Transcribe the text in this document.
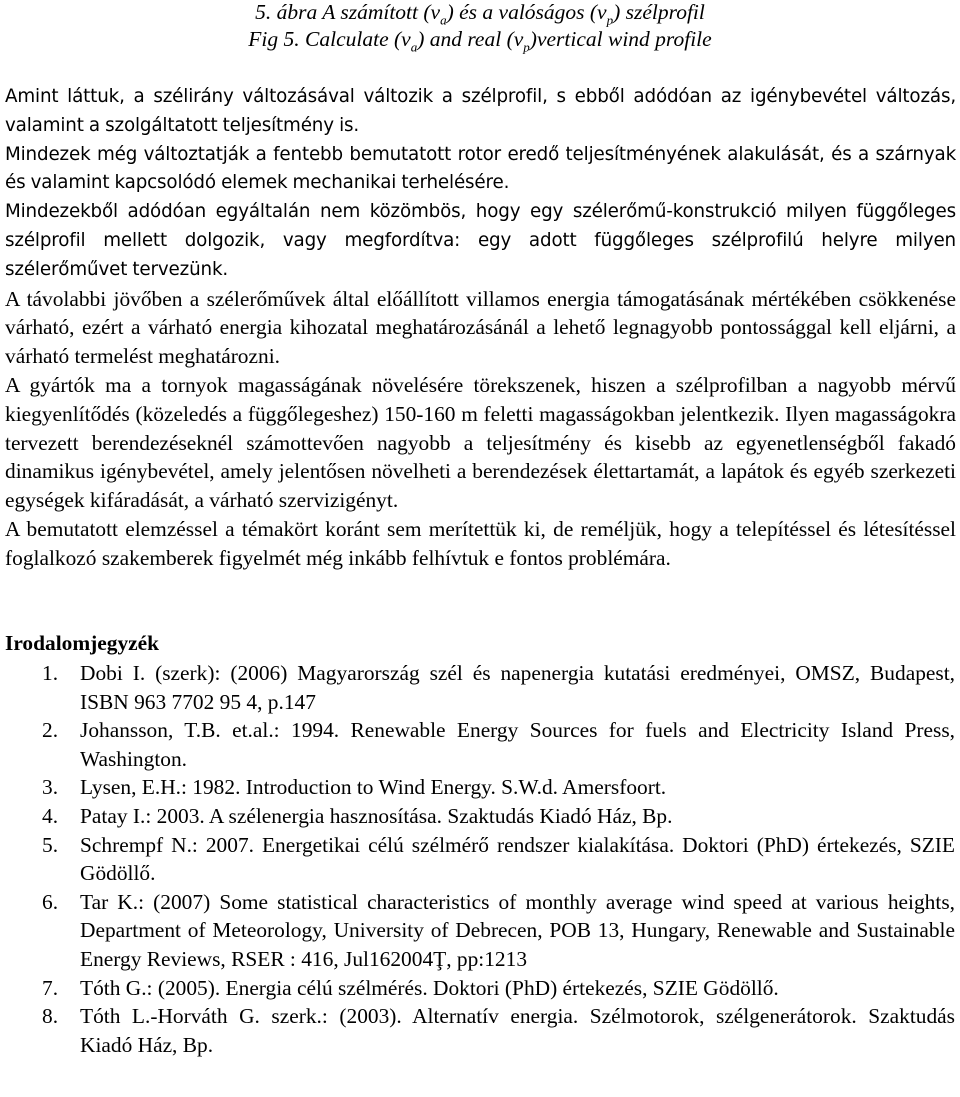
5. ábra A számított $(v_a)$ és a valóságos $(v_p)$ szélprofil

Fig 5. Calculate $(v_a)$ and real $(v_p)vertical$ wind profile

Amint láttuk, a szélirány változásával változik a szélprofil, s ebből adódóan az igénybevétel változás, valamint a szolgáltatott teljesítmény is.

Mindezek még változtatják a fentebb bemutatott rotor eredő teljesítményének alakulását, és a szárnyak és valamint kapcsolódó elemek mechanikai terhelésére.

Mindezekből adódóan egyáltalán nem közömbös, hogy egy szélerőmű-konstrukció milyen függőleges szélprofil mellett dolgozik, vagy megfordítva: egy adott függőleges szélprofilú helyre milyen szélerőművet tervezünk.

A távolabbi jövőben a szélerőművek által előállított villamos energia támogatásának mértékében csökkenése várható, ezért a várható energia kihozatal meghatározásánál a lehető legnagyobb pontossággal kell eljárni, a várható termelést meghatározni.

A gyártók ma a tornyok magasságának növelésére törekszenek, hiszen a szélprofilban a nagyobb mérvű kiegyenlítődés (közeledés a függőlegeshez) 150-160 m feletti magasságokban jelentkezik. Ilyen magasságokra tervezett berendezéseknél számottevően nagyobb a teljesítmény és kisebb az egyenetlenségből fakadó dinamikus igénybevétel, amely jelentősen növelheti a berendezések élettartamát, a lapátok és egyéb szerkezeti egységek kifáradását, a várható szervizigényt.

A bemutatott elemzéssel a témakört koránt sem merítettük ki, de reméljük, hogy a telepítéssel és létesítéssel foglalkozó szakemberek figyelmét még inkább felhívtuk e fontos problémára.

Irodalomjegyzék
1. Dobi I. (szerk): (2006) Magyarország szél és napenergia kutatási eredményei, OMSZ, Budapest, ISBN 963 7702 95 4, p.147
2. Johansson, T.B. et.al.: 1994. Renewable Energy Sources for fuels and Electricity Island Press, Washington.
3. Lysen, E.H.: 1982. Introduction to Wind Energy. S.W.d. Amersfoort.
4. Patay I.: 2003. A szélenergia hasznosítása. Szaktudás Kiadó Ház, Bp.
5. Schrempf N.: 2007. Energetikai célú szélmérő rendszer kialakítása. Doktori (PhD) értekezés, SZIE Gödöllő.
6. Tar K.: (2007) Some statistical characteristics of monthly average wind speed at various heights, Department of Meteorology, University of Debrecen, POB 13, Hungary, Renewable and Sustainable Energy Reviews, RSER : 416, Jul162004Ţ, pp:1213
7. Tóth G.: (2005). Energia célú szélmérés. Doktori (PhD) értekezés, SZIE Gödöllő.
8. Tóth L.-Horváth G. szerk.: (2003). Alternatív energia. Szélmotorok, szélgenerátorok. Szaktudás Kiadó Ház, Bp.
